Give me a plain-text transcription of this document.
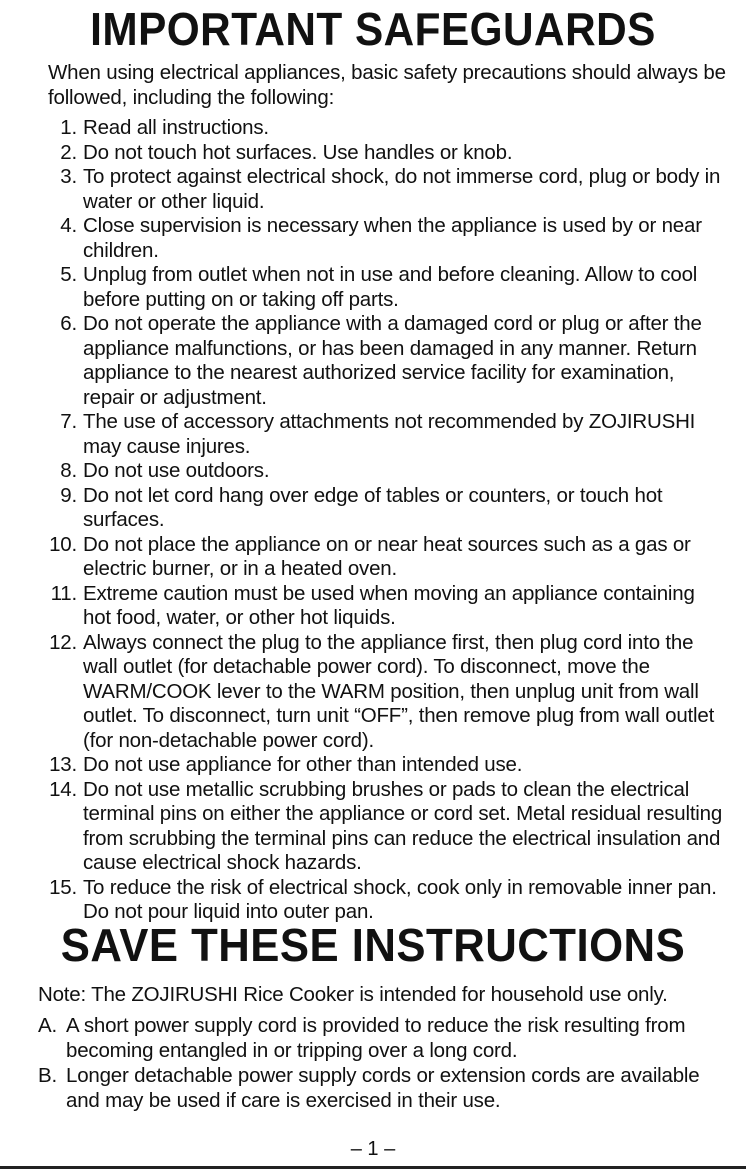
IMPORTANT SAFEGUARDS
When using electrical appliances, basic safety precautions should always be followed, including the following:
1. Read all instructions.
2. Do not touch hot surfaces. Use handles or knob.
3. To protect against electrical shock, do not immerse cord, plug or body in water or other liquid.
4. Close supervision is necessary when the appliance is used by or near children.
5. Unplug from outlet when not in use and before cleaning. Allow to cool before putting on or taking off parts.
6. Do not operate the appliance with a damaged cord or plug or after the appliance malfunctions, or has been damaged in any manner. Return appliance to the nearest authorized service facility for examination, repair or adjustment.
7. The use of accessory attachments not recommended by ZOJIRUSHI may cause injures.
8. Do not use outdoors.
9. Do not let cord hang over edge of tables or counters, or touch hot surfaces.
10. Do not place the appliance on or near heat sources such as a gas or electric burner, or in a heated oven.
11. Extreme caution must be used when moving an appliance containing hot food, water, or other hot liquids.
12. Always connect the plug to the appliance first, then plug cord into the wall outlet (for detachable power cord). To disconnect, move the WARM/COOK lever to the WARM position, then unplug unit from wall outlet. To disconnect, turn unit “OFF”, then remove plug from wall outlet (for non-detachable power cord).
13. Do not use appliance for other than intended use.
14. Do not use metallic scrubbing brushes or pads to clean the electrical terminal pins on either the appliance or cord set. Metal residual resulting from scrubbing the terminal pins can reduce the electrical insulation and cause electrical shock hazards.
15. To reduce the risk of electrical shock, cook only in removable inner pan. Do not pour liquid into outer pan.
SAVE THESE INSTRUCTIONS
Note: The ZOJIRUSHI Rice Cooker is intended for household use only.
A. A short power supply cord is provided to reduce the risk resulting from becoming entangled in or tripping over a long cord.
B. Longer detachable power supply cords or extension cords are available and may be used if care is exercised in their use.
– 1 –
